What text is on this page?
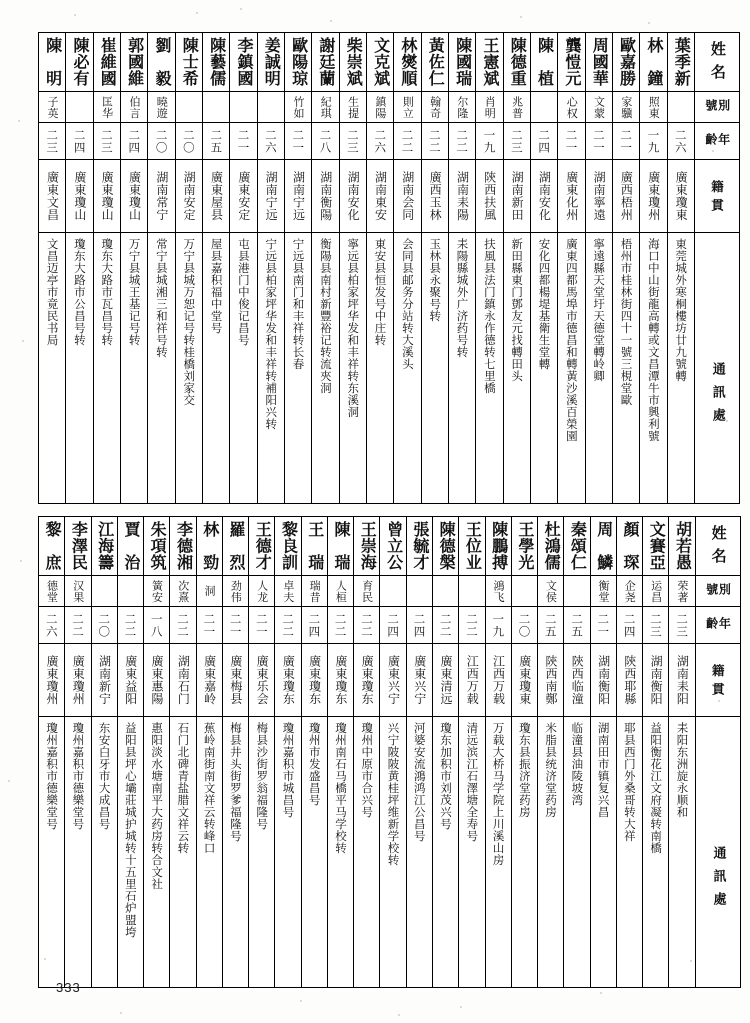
陳　明	陳必有	崔維國	郭國維	劉　毅	陳士希	陳藝儒	李鎮國	姜誠明	歐陽琼	謝廷蘭	柴崇斌	文克斌	林爕順	黃佐仁	陳國瑞	王憲斌	陳德重	陳　植	龔愷元	周國華	歐嘉勝	林　鐘	葉季新	姓名

子英		匡华	伯言	曉遊					竹如	紀琪	生提	鎮陽	則立	翰奇	尔隆	肖明	兆普		心权	文蒙	家驥	照東		別號

二三	二四	二三	二四	二〇	二〇	二五	二一	二六	二一	二八	二三	二六	二二	二二	二二	一九	二三	二四	二一	二一	二一	一九	二六	年齡

廣東文昌	廣東瓊山	廣東瓊山	廣東瓊山	湖南常宁	湖南安定	廣東屋县	廣東安定	湖南宁远	湖南宁远	湖南衡陽	湖南安化	湖南東安	湖南会同	廣西玉林	湖南耒陽	陝西扶風	湖南新田	湖南安化	廣東化州	湖南寧遠	廣西梧州	廣東瓊州	廣東瓊東	籍貫

文昌迈亭市竟民书局	瓊东大路市公昌号转	瓊东大路市瓦昌号转	万宁县城王基记号转	常宁县城湘三和祥号转	万宁县城万恕记号转桂橋刘家交	屋县嘉积福中堂号	屯县港门中俊记昌号	宁远县柏家坪华发和丰祥转補阳兴转	宁远县南门和丰祥转长春	衡陽县南村新豐裕记转流夾洞	寧远县柏家坪华发和丰祥转东溪洞	東安县恒发号中庄转	会同县邮务分站转大溪头	玉林县永聚号转	耒陽縣城外广济药号转	扶風县法门鎮永作德转七里橋	新田縣東门鄧友元找轉田头	安化四都楊堤基衛生堂轉	廣東四都馬埠市德昌和轉黃沙溪百榮園	寧遠縣天堂圩天德堂轉岭卿	梧州市桂林街四十一號三梘堂歐	海口中山街龍高轉或文昌潭牛市興利號	東莞城外寒桐樓坊廿九號轉	通訊處
黎　庶	李澤民	江海籌	賈　治	朱項筑	李德湘	林　勁	羅　烈	王德才	黎良訓	王　瑞	陳　瑞	王崇海	曾立公	張毓才	陳德槃	王位业	陳鵬搏	王學光	杜鴻儒	秦頌仁	周　鱗	顏　琛	文賽亞	胡若愚	姓名

德堂	汉果			簧安	次熹	洞	劲伟	人龙	卓夫	瑞昔	人桓	育民					鴻飞		文侯		衡堂	企尧	运昌	荣著	別號

二六	二二	二〇	二二	一八	二二	二一	二一	二一	二二	二四	二二	二二	二四	二四	二二	二二	一九	二〇	二五	二五	二一	二四	二三	二三	年齡

廣東瓊州	廣東瓊州	湖南新宁	廣東益阳	廣東惠陽	湖南石门	廣東嘉岭	廣東梅县	廣東乐会	廣東瓊东	廣東瓊东	廣東瓊东	廣東瓊东	廣東兴宁	廣東兴宁	廣東清远	江西万载	江西万载	廣東瓊東	陝西南鄭	陝西临潼	湖南衡阳	陝西耶縣	湖南衡阳	湖南耒阳	籍貫

瓊州嘉积市德樂堂号	瓊州嘉积市德樂堂号	东安白牙市大成昌号	益阳县坪心壩莊城护城转十五里石炉盟垮	惠阳淡水塘南平大药房转合文社	石门北碑青盐腊文祥云转	蕉岭南街南文祥云转峰口	梅县井头街罗爹福隆号	梅县沙街罗翁福隆号	瓊州嘉积市城昌号	瓊州市发盛昌号	瓊州南石马橋平马学校转	瓊州中原市合兴号	兴宁陂陂黄桂坪维新学校转	河婆安流鴻鸿江公昌号	瓊东加积市刘茂兴号	清远滨江石澤塘全寿号	万载大桥马学院上川溪山房	瓊东县振济堂药房	米脂县统济堂药房	临潼县油陵坡湾	湖南田市镇复兴昌	耶县西门外桑哥转大祥	益阳衡花江文府凝转南橋	耒阳东洲旋永顺和	通訊處
333
